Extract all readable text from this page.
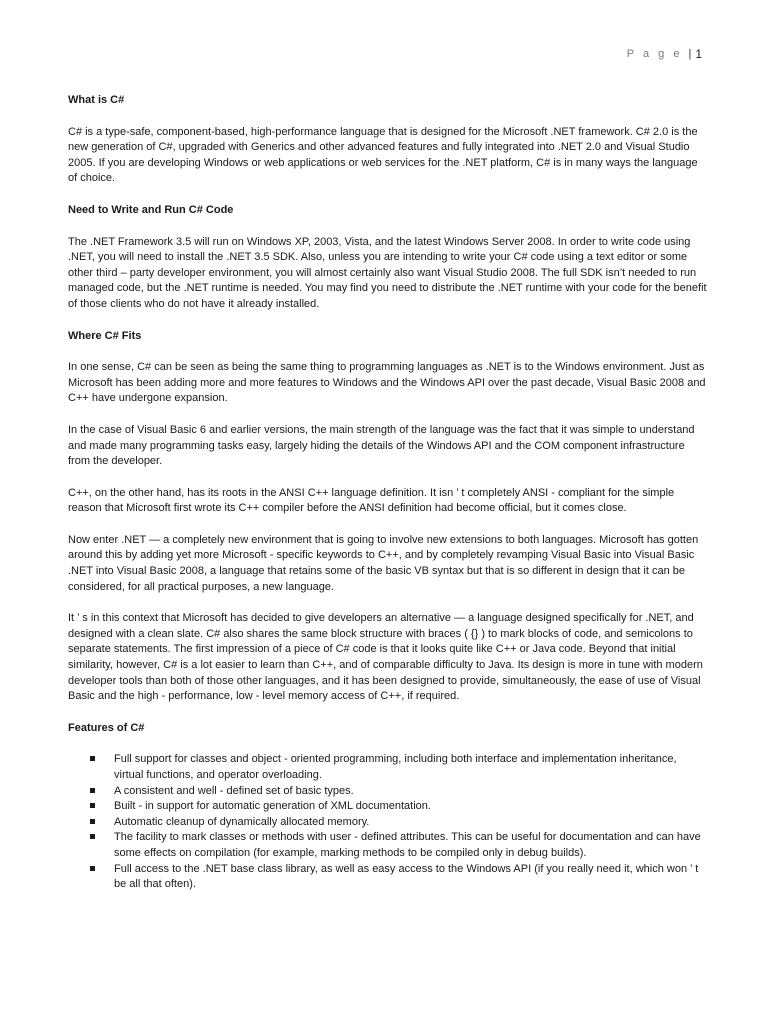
P a g e | 1
What is C#

C# is a type-safe, component-based, high-performance language that is designed for the Microsoft .NET framework. C# 2.0 is the new generation of C#, upgraded with Generics and other advanced features and fully integrated into .NET 2.0 and Visual Studio 2005. If you are developing Windows or web applications or web services for the .NET platform, C# is in many ways the language of choice.

Need to Write and Run C# Code

The .NET Framework 3.5 will run on Windows XP, 2003, Vista, and the latest Windows Server 2008. In order to write code using .NET, you will need to install the .NET 3.5 SDK. Also, unless you are intending to write your C# code using a text editor or some other third – party developer environment, you will almost certainly also want Visual Studio 2008. The full SDK isn’t needed to run managed code, but the .NET runtime is needed. You may find you need to distribute the .NET runtime with your code for the benefit of those clients who do not have it already installed.

Where C# Fits

In one sense, C# can be seen as being the same thing to programming languages as .NET is to the Windows environment. Just as Microsoft has been adding more and more features to Windows and the Windows API over the past decade, Visual Basic 2008 and C++ have undergone expansion.

In the case of Visual Basic 6 and earlier versions, the main strength of the language was the fact that it was simple to understand and made many programming tasks easy, largely hiding the details of the Windows API and the COM component infrastructure from the developer.

C++, on the other hand, has its roots in the ANSI C++ language definition. It isn ’ t completely ANSI - compliant for the simple reason that Microsoft first wrote its C++ compiler before the ANSI definition had become official, but it comes close.

Now enter .NET — a completely new environment that is going to involve new extensions to both languages. Microsoft has gotten around this by adding yet more Microsoft - specific keywords to C++, and by completely revamping Visual Basic into Visual Basic .NET into Visual Basic 2008, a language that retains some of the basic VB syntax but that is so different in design that it can be considered, for all practical purposes, a new language.

It ’ s in this context that Microsoft has decided to give developers an alternative — a language designed specifically for .NET, and designed with a clean slate. C# also shares the same block structure with braces ( {} ) to mark blocks of code, and semicolons to separate statements. The first impression of a piece of C# code is that it looks quite like C++ or Java code. Beyond that initial similarity, however, C# is a lot easier to learn than C++, and of comparable difficulty to Java. Its design is more in tune with modern developer tools than both of those other languages, and it has been designed to provide, simultaneously, the ease of use of Visual Basic and the high - performance, low - level memory access of C++, if required.

Features of C#
Full support for classes and object - oriented programming, including both interface and implementation inheritance, virtual functions, and operator overloading.
A consistent and well - defined set of basic types.
Built - in support for automatic generation of XML documentation.
Automatic cleanup of dynamically allocated memory.
The facility to mark classes or methods with user - defined attributes. This can be useful for documentation and can have some effects on compilation (for example, marking methods to be compiled only in debug builds).
Full access to the .NET base class library, as well as easy access to the Windows API (if you really need it, which won ’ t be all that often).
